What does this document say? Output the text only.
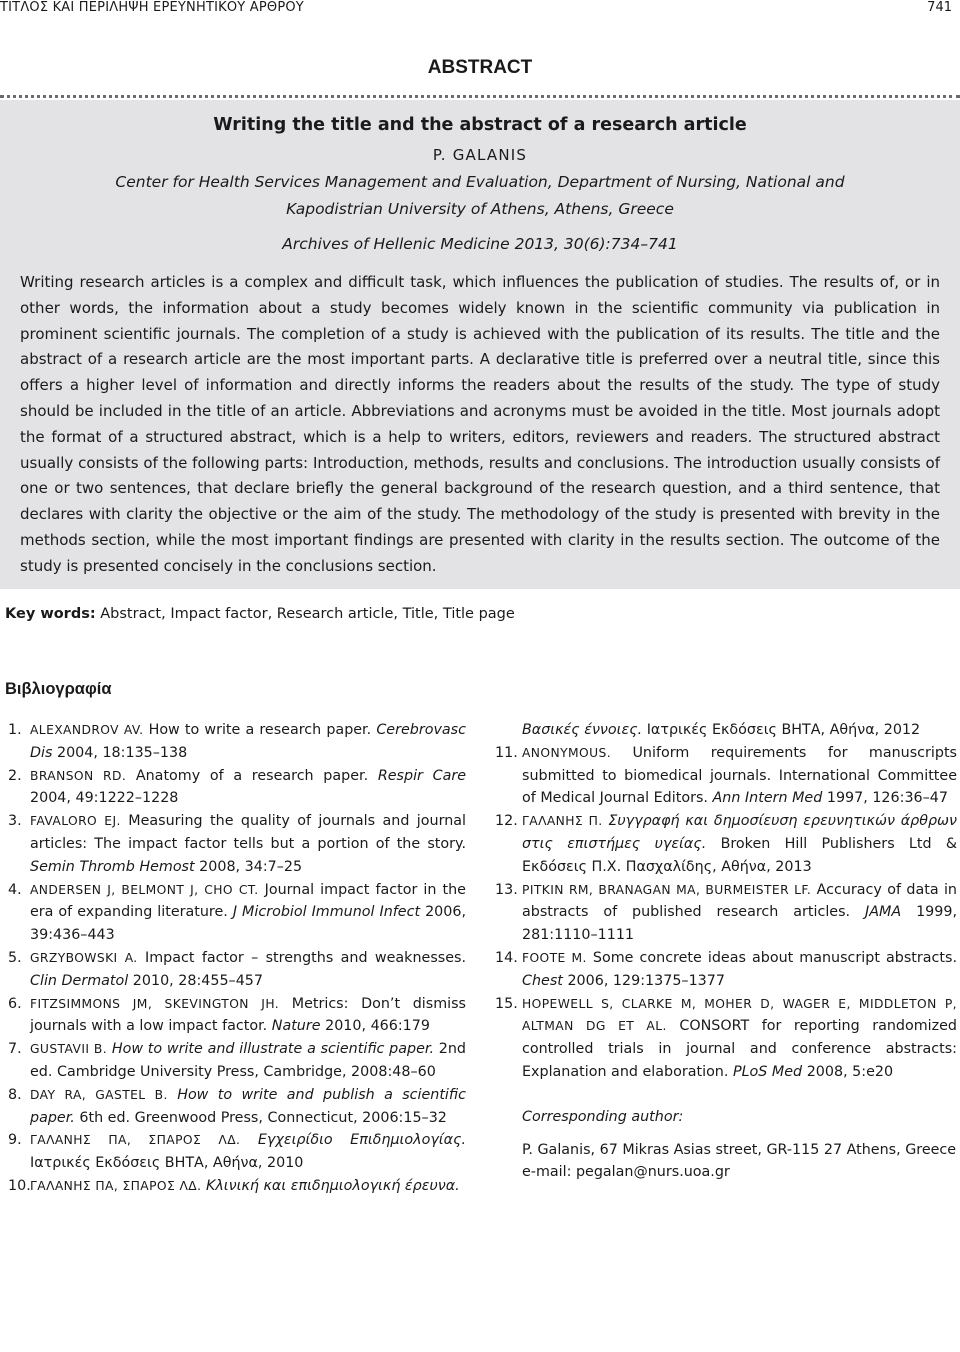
ΤΙΤΛΟΣ ΚΑΙ ΠΕΡΙΛΗΨΗ ΕΡΕΥΝΗΤΙΚΟΥ ΑΡΘΡΟΥ	741
ABSTRACT
Writing the title and the abstract of a research article
P. GALANIS
Center for Health Services Management and Evaluation, Department of Nursing, National and Kapodistrian University of Athens, Athens, Greece
Archives of Hellenic Medicine 2013, 30(6):734–741

Writing research articles is a complex and difficult task, which influences the publication of studies. The results of, or in other words, the information about a study becomes widely known in the scientific community via publication in prominent scientific journals. The completion of a study is achieved with the publication of its results. The title and the abstract of a research article are the most important parts. A declarative title is preferred over a neutral title, since this offers a higher level of information and directly informs the readers about the results of the study. The type of study should be included in the title of an article. Abbreviations and acronyms must be avoided in the title. Most journals adopt the format of a structured abstract, which is a help to writers, editors, reviewers and readers. The structured abstract usually consists of the following parts: Introduction, methods, results and conclusions. The introduction usually consists of one or two sentences, that declare briefly the general background of the research question, and a third sentence, that declares with clarity the objective or the aim of the study. The methodology of the study is presented with brevity in the methods section, while the most important findings are presented with clarity in the results section. The outcome of the study is presented concisely in the conclusions section.

Key words: Abstract, Impact factor, Research article, Title, Title page
Βιβλιογραφία

1. ALEXANDROV AV. How to write a research paper. Cerebrovasc Dis 2004, 18:135–138

2. BRANSON RD. Anatomy of a research paper. Respir Care 2004, 49:1222–1228

3. FAVALORO EJ. Measuring the quality of journals and journal articles: The impact factor tells but a portion of the story. Semin Thromb Hemost 2008, 34:7–25

4. ANDERSEN J, BELMONT J, CHO CT. Journal impact factor in the era of expanding literature. J Microbiol Immunol Infect 2006, 39:436–443

5. GRZYBOWSKI A. Impact factor – strengths and weaknesses. Clin Dermatol 2010, 28:455–457

6. FITZSIMMONS JM, SKEVINGTON JH. Metrics: Don’t dismiss journals with a low impact factor. Nature 2010, 466:179

7. GUSTAVII B. How to write and illustrate a scientific paper. 2nd ed. Cambridge University Press, Cambridge, 2008:48–60

8. DAY RA, GASTEL B. How to write and publish a scientific paper. 6th ed. Greenwood Press, Connecticut, 2006:15–32

9. ΓΑΛΑΝΗΣ ΠΑ, ΣΠΑΡΟΣ ΛΔ. Εγχειρίδιο Επιδημιολογίας. Ιατρικές Εκδόσεις ΒΗΤΑ, Αθήνα, 2010

10. ΓΑΛΑΝΗΣ ΠΑ, ΣΠΑΡΟΣ ΛΔ. Κλινική και επιδημιολογική έρευνα.

Βασικές έννοιες. Ιατρικές Εκδόσεις ΒΗΤΑ, Αθήνα, 2012

11. ANONYMOUS. Uniform requirements for manuscripts submitted to biomedical journals. International Committee of Medical Journal Editors. Ann Intern Med 1997, 126:36–47

12. ΓΑΛΑΝΗΣ Π. Συγγραφή και δημοσίευση ερευνητικών άρθρων στις επιστήμες υγείας. Broken Hill Publishers Ltd & Εκδόσεις Π.Χ. Πασχαλίδης, Αθήνα, 2013

13. PITKIN RM, BRANAGAN MA, BURMEISTER LF. Accuracy of data in abstracts of published research articles. JAMA 1999, 281:1110–1111

14. FOOTE M. Some concrete ideas about manuscript abstracts. Chest 2006, 129:1375–1377

15. HOPEWELL S, CLARKE M, MOHER D, WAGER E, MIDDLETON P, ALTMAN DG ET AL. CONSORT for reporting randomized controlled trials in journal and conference abstracts: Explanation and elaboration. PLoS Med 2008, 5:e20

Corresponding author:

P. Galanis, 67 Mikras Asias street, GR-115 27 Athens, Greece

e-mail: pegalan@nurs.uoa.gr
